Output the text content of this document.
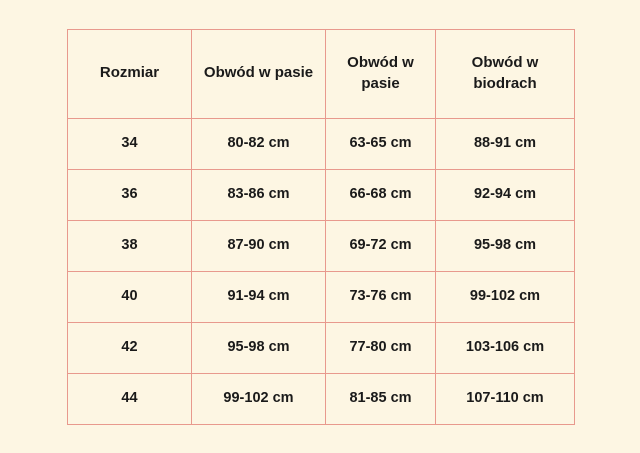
Rozmiar	Obwód w pasie	Obwód w pasie	Obwód w biodrach
34	80-82 cm	63-65 cm	88-91 cm
36	83-86 cm	66-68 cm	92-94 cm
38	87-90 cm	69-72 cm	95-98 cm
40	91-94 cm	73-76 cm	99-102 cm
42	95-98 cm	77-80 cm	103-106 cm
44	99-102 cm	81-85 cm	107-110 cm
